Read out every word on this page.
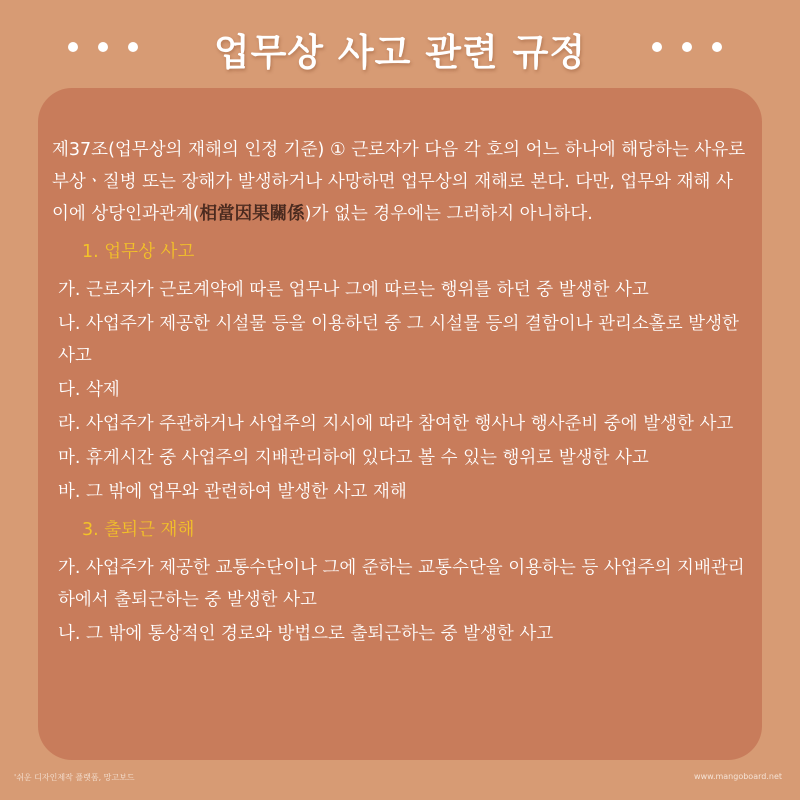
업무상 사고 관련 규정

제37조(업무상의 재해의 인정 기준) ① 근로자가 다음 각 호의 어느 하나에 해당하는 사유로 부상ㆍ질병 또는 장해가 발생하거나 사망하면 업무상의 재해로 본다. 다만, 업무와 재해 사이에 상당인과관계(相當因果關係)가 없는 경우에는 그러하지 아니하다.

1. 업무상 사고
가. 근로자가 근로계약에 따른 업무나 그에 따르는 행위를 하던 중 발생한 사고
나. 사업주가 제공한 시설물 등을 이용하던 중 그 시설물 등의 결함이나 관리소홀로 발생한 사고
다. 삭제
라. 사업주가 주관하거나 사업주의 지시에 따라 참여한 행사나 행사준비 중에 발생한 사고
마. 휴게시간 중 사업주의 지배관리하에 있다고 볼 수 있는 행위로 발생한 사고
바. 그 밖에 업무와 관련하여 발생한 사고 재해
3. 출퇴근 재해
가. 사업주가 제공한 교통수단이나 그에 준하는 교통수단을 이용하는 등 사업주의 지배관리하에서 출퇴근하는 중 발생한 사고
나. 그 밖에 통상적인 경로와 방법으로 출퇴근하는 중 발생한 사고
'쉬운 디자인제작 플랫폼, 망고보드	www.mangoboard.net
